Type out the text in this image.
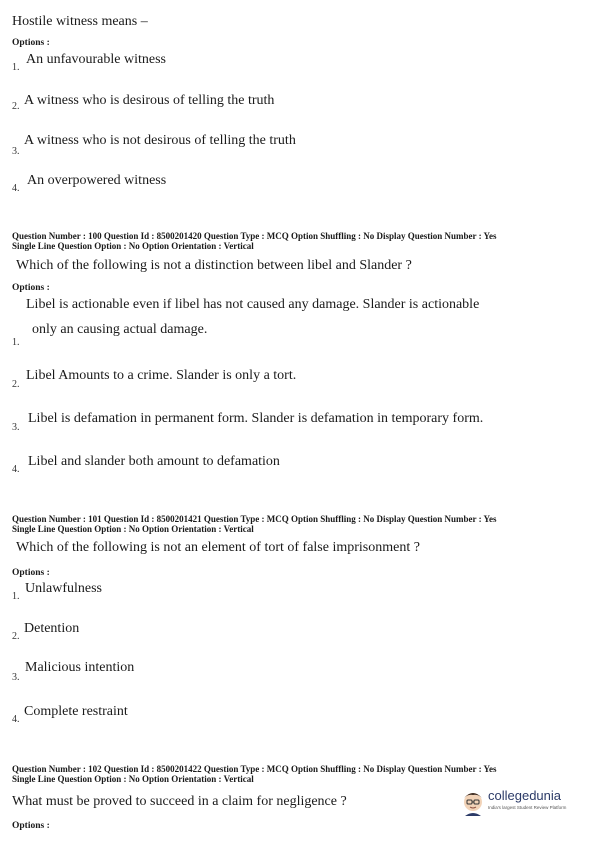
Hostile witness means –
Options :
1.
An unfavourable witness
2. A witness who is desirous of telling the truth
3.
A witness who is not desirous of telling the truth
4.
An overpowered witness
Question Number : 100 Question Id : 8500201420 Question Type : MCQ Option Shuffling : No Display Question Number : Yes
Single Line Question Option : No Option Orientation : Vertical
Which of the following is not a distinction between libel and Slander ?
Options :
Libel is actionable even if libel has not caused any damage. Slander is actionable
only an causing actual damage.
1.
2.
Libel Amounts to a crime. Slander is only a tort.
3.
Libel is defamation in permanent form. Slander is defamation in temporary form.
4.
Libel and slander both amount to defamation
Question Number : 101 Question Id : 8500201421 Question Type : MCQ Option Shuffling : No Display Question Number : Yes
Single Line Question Option : No Option Orientation : Vertical
Which of the following is not an element of tort of false imprisonment ?
Options :
1.
Unlawfulness
2.
Detention
3.
Malicious intention
4.
Complete restraint
Question Number : 102 Question Id : 8500201422 Question Type : MCQ Option Shuffling : No Display Question Number : Yes
Single Line Question Option : No Option Orientation : Vertical
What must be proved to succeed in a claim for negligence ?
Options :
collegedunia
India's largest Student Review Platform
